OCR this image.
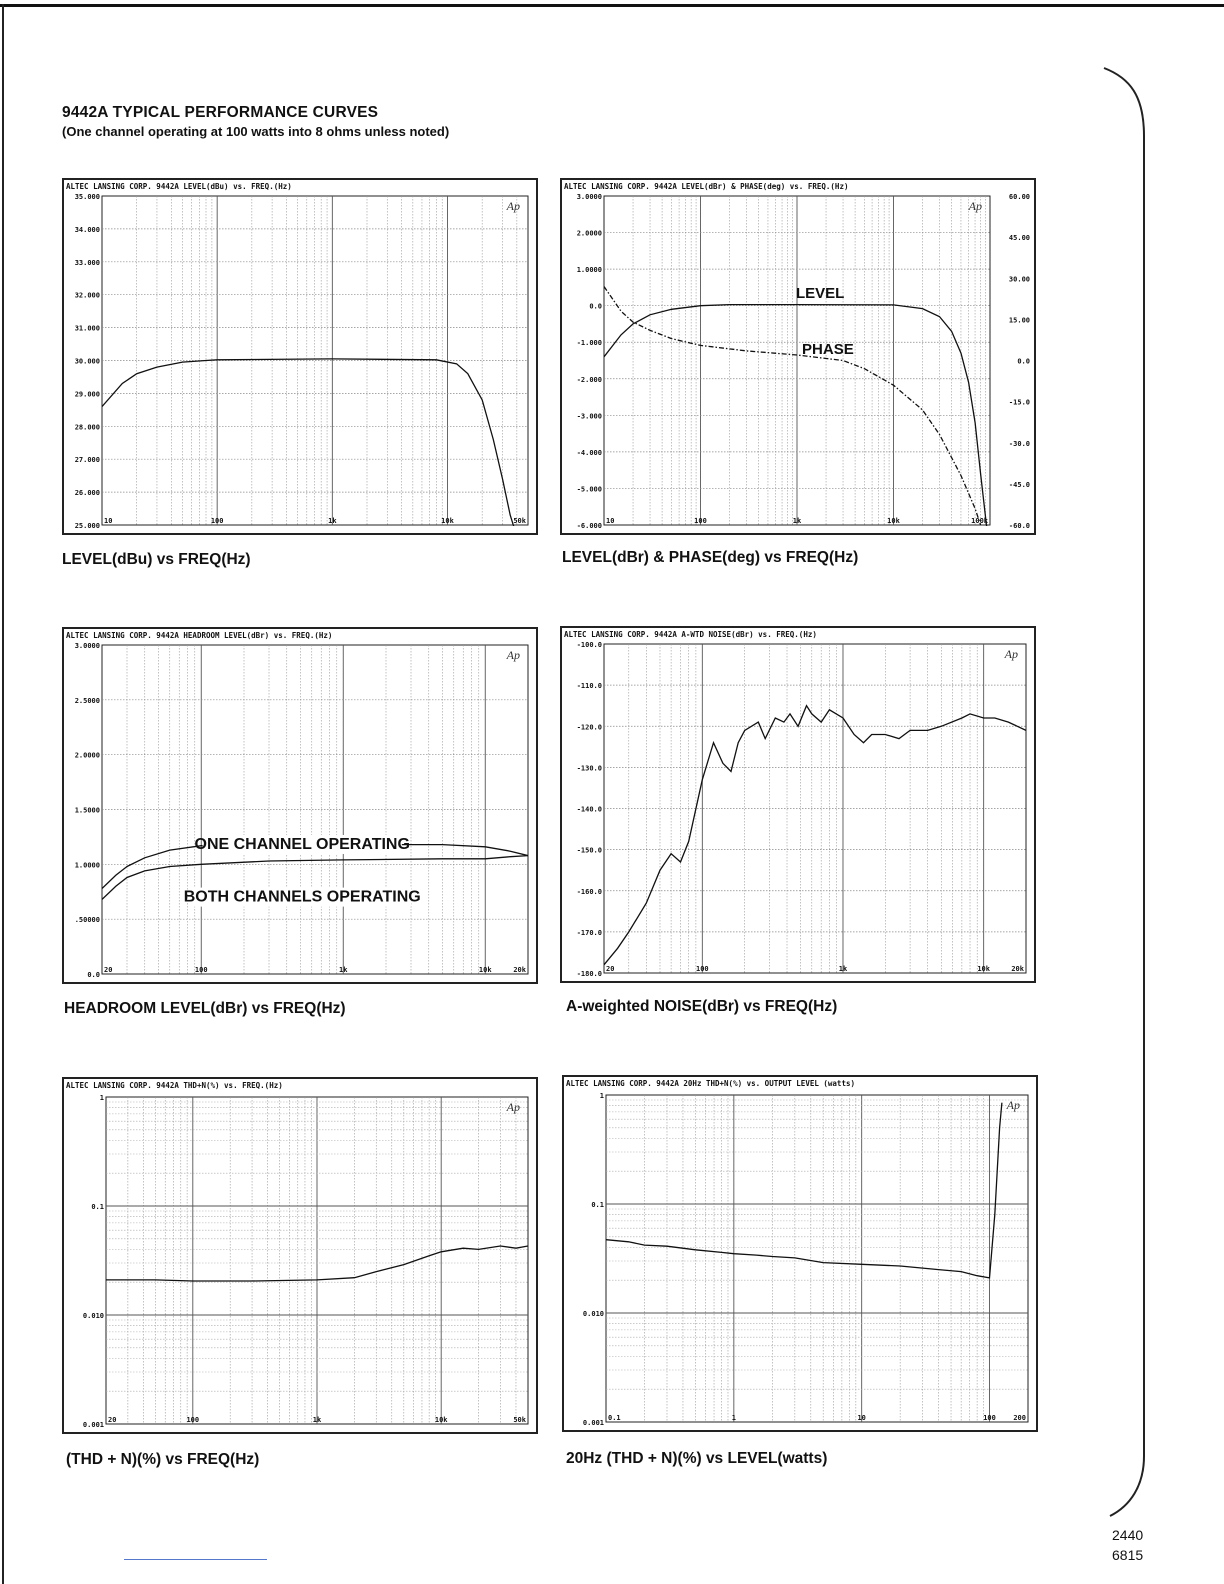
9442A TYPICAL PERFORMANCE CURVES
(One channel operating at 100 watts into 8 ohms unless noted)
ALTEC LANSING CORP. 9442A LEVEL(dBu) vs. FREQ.(Hz)
35.000
34.000
33.000
32.000
31.000
30.000
29.000
28.000
27.000
26.000
25.000
10	100	1k	10k	50k
Ap
LEVEL(dBu) vs FREQ(Hz)
ALTEC LANSING CORP. 9442A LEVEL(dBr) & PHASE(deg) vs. FREQ.(Hz)
3.0000
2.0000
1.0000
0.0
-1.000
-2.000
-3.000
-4.000
-5.000
-6.000
60.00
45.00
30.00
15.00
0.0
-15.0
-30.0
-45.0
-60.0
10	100	1k	10k	100k
Ap
LEVEL
PHASE
LEVEL(dBr) & PHASE(deg) vs FREQ(Hz)
ALTEC LANSING CORP. 9442A HEADROOM LEVEL(dBr) vs. FREQ.(Hz)
3.0000
2.5000
2.0000
1.5000
1.0000
.50000
0.0
20	100	1k	10k	20k
Ap
ONE CHANNEL OPERATING
BOTH CHANNELS OPERATING
HEADROOM LEVEL(dBr) vs FREQ(Hz)
ALTEC LANSING CORP. 9442A A-WTD NOISE(dBr) vs. FREQ.(Hz)
-100.0
-110.0
-120.0
-130.0
-140.0
-150.0
-160.0
-170.0
-180.0
20	100	1k	10k	20k
Ap
A-weighted NOISE(dBr) vs FREQ(Hz)
ALTEC LANSING CORP. 9442A THD+N(%) vs. FREQ.(Hz)
1
0.1
0.010
0.001
20	100	1k	10k	50k
Ap
(THD + N)(%) vs FREQ(Hz)
ALTEC LANSING CORP. 9442A 20Hz THD+N(%) vs. OUTPUT LEVEL (watts)
1
0.1
0.010
0.001
0.1	1	10	100 200
Ap
20Hz (THD + N)(%) vs LEVEL(watts)
2440
6815
